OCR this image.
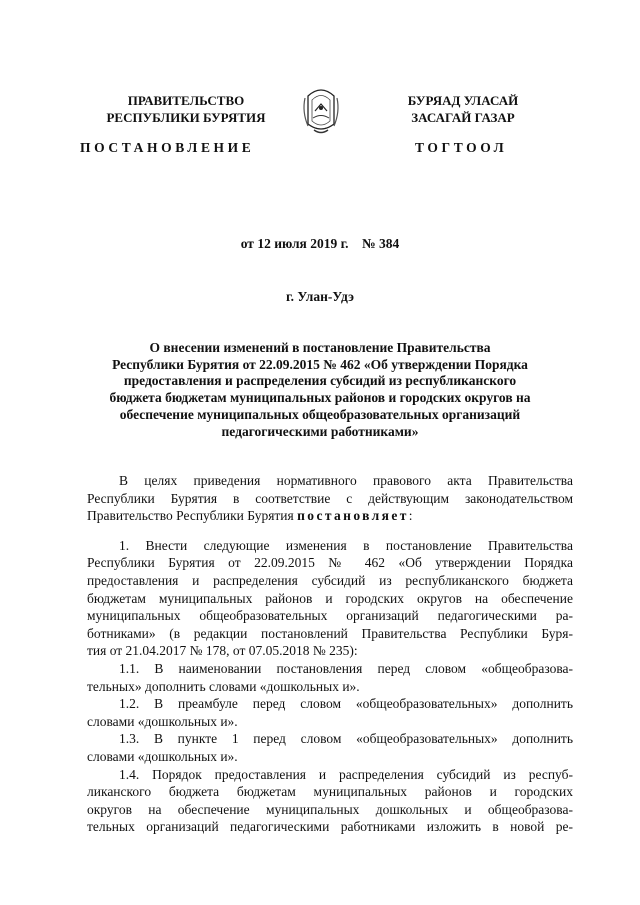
ПРАВИТЕЛЬСТВО
РЕСПУБЛИКИ БУРЯТИЯ
БУРЯАД УЛАСАЙ
ЗАСАГАЙ ГАЗАР
ПОСТАНОВЛЕНИЕ	ТОГТООЛ
от 12 июля 2019 г.    № 384
г. Улан-Удэ
О внесении изменений в постановление Правительства
Республики Бурятия от 22.09.2015 № 462 «Об утверждении Порядка
предоставления и распределения субсидий из республиканского
бюджета бюджетам муниципальных районов и городских округов на
обеспечение муниципальных общеобразовательных организаций
педагогическими работниками»
В целях приведения нормативного правового акта Правительства
Республики Бурятия в соответствие с действующим законодательством
Правительство Республики Бурятия постановляет:
1. Внести следующие изменения в постановление Правительства
Республики Бурятия от 22.09.2015 № 462 «Об утверждении Порядка
предоставления и распределения субсидий из республиканского бюджета
бюджетам муниципальных районов и городских округов на обеспечение
муниципальных общеобразовательных организаций педагогическими ра-
ботниками» (в редакции постановлений Правительства Республики Буря-
тия от 21.04.2017 № 178, от 07.05.2018 № 235):
1.1. В наименовании постановления перед словом «общеобразова-
тельных» дополнить словами «дошкольных и».
1.2. В преамбуле перед словом «общеобразовательных» дополнить
словами «дошкольных и».
1.3. В пункте 1 перед словом «общеобразовательных» дополнить
словами «дошкольных и».
1.4. Порядок предоставления и распределения субсидий из респуб-
ликанского бюджета бюджетам муниципальных районов и городских
округов на обеспечение муниципальных дошкольных и общеобразова-
тельных организаций педагогическими работниками изложить в новой ре-
